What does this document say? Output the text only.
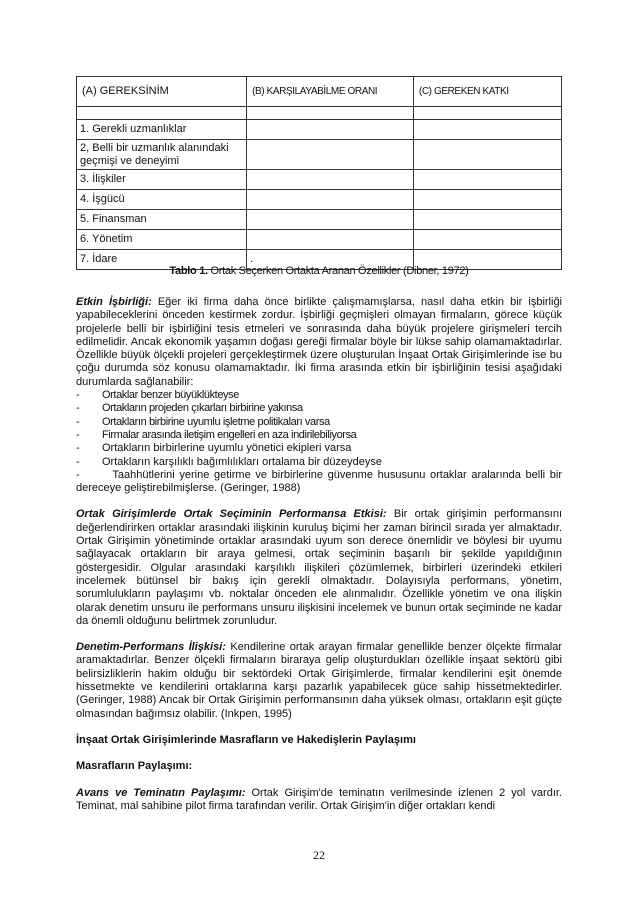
(A) GEREKSİNİM	(B) KARŞILAYABİLME ORANI	(C) GEREKEN KATKI

1. Gerekli uzmanlıklar		
2, Belli bir uzmanlık alanındaki geçmişi ve deneyimi		
3. İlişkiler		
4. İşgücü		
5. Finansman		
6. Yönetim		
7. İdare	.	
Tablo 1. Ortak Seçerken Ortakta Aranan Özellikler (Dibner, 1972)

Etkin İşbirliği: Eğer iki firma daha önce birlikte çalışmamışlarsa, nasıl daha etkin bir işbirliği yapabileceklerini önceden kestirmek zordur. İşbirliği geçmişleri olmayan firmaların, görece küçük projelerle belli bir işbirliğini tesis etmeleri ve sonrasında daha büyük projelere girişmeleri tercih edilmelidir. Ancak ekonomik yaşamın doğası gereği firmalar böyle bir lükse sahip olamamaktadırlar. Özellikle büyük ölçekli projeleri gerçekleştirmek üzere oluşturulan İnşaat Ortak Girişimlerinde ise bu çoğu durumda söz konusu olamamaktadır. İki firma arasında etkin bir işbirliğinin tesisi aşağıdaki durumlarda sağlanabilir:

-	Ortaklar benzer büyüklükteyse
-	Ortakların projeden çıkarları birbirine yakınsa
-	Ortakların birbirine uyumlu işletme politikaları varsa
-	Firmalar arasında iletişim engelleri en aza indirilebiliyorsa
-	Ortakların birbirlerine uyumlu yönetici ekipleri varsa
-	Ortakların karşılıklı bağımlılıkları ortalama bir düzeydeyse

-	Taahhütlerini yerine getirme ve birbirlerine güvenme hususunu ortaklar aralarında belli bir dereceye geliştirebilmişlerse. (Geringer, 1988)

Ortak Girişimlerde Ortak Seçiminin Performansa Etkisi: Bir ortak girişimin performansını değerlendirirken ortaklar arasındaki ilişkinin kuruluş biçimi her zaman birincil sırada yer almaktadır. Ortak Girişimin yönetiminde ortaklar arasındaki uyum son derece önemlidir ve böylesi bir uyumu sağlayacak ortakların bir araya gelmesi, ortak seçiminin başarılı bir şekilde yapıldığının göstergesidir. Olgular arasındaki karşılıklı ilişkileri çözümlemek, birbirleri üzerindeki etkileri incelemek bütünsel bir bakış için gerekli olmaktadır. Dolayısıyla performans, yönetim, sorumlulukların paylaşımı vb. noktalar önceden ele alınmalıdır. Özellikle yönetim ve ona ilişkin olarak denetim unsuru ile performans unsuru ilişkisini incelemek ve bunun ortak seçiminde ne kadar da önemli olduğunu belirtmek zorunludur.

Denetim-Performans İlişkisi: Kendilerine ortak arayan firmalar genellikle benzer ölçekte firmalar aramaktadırlar. Benzer ölçekli firmaların biraraya gelip oluşturdukları özellikle inşaat sektörü gibi belirsizliklerin hakim olduğu bir sektördeki Ortak Girişimlerde, firmalar kendilerini eşit önemde hissetmekte ve kendilerini ortaklarına karşı pazarlık yapabilecek güce sahip hissetmektedirler. (Geringer, 1988) Ancak bir Ortak Girişimin performansının daha yüksek olması, ortakların eşit güçte olmasından bağımsız olabilir. (Inkpen, 1995)

İnşaat Ortak Girişimlerinde Masrafların ve Hakedişlerin Paylaşımı

Masrafların Paylaşımı:

Avans ve Teminatın Paylaşımı: Ortak Girişim'de teminatın verilmesinde izlenen 2 yol vardır. Teminat, mal sahibine pilot firma tarafından verilir. Ortak Girişim'in diğer ortakları kendi

22
